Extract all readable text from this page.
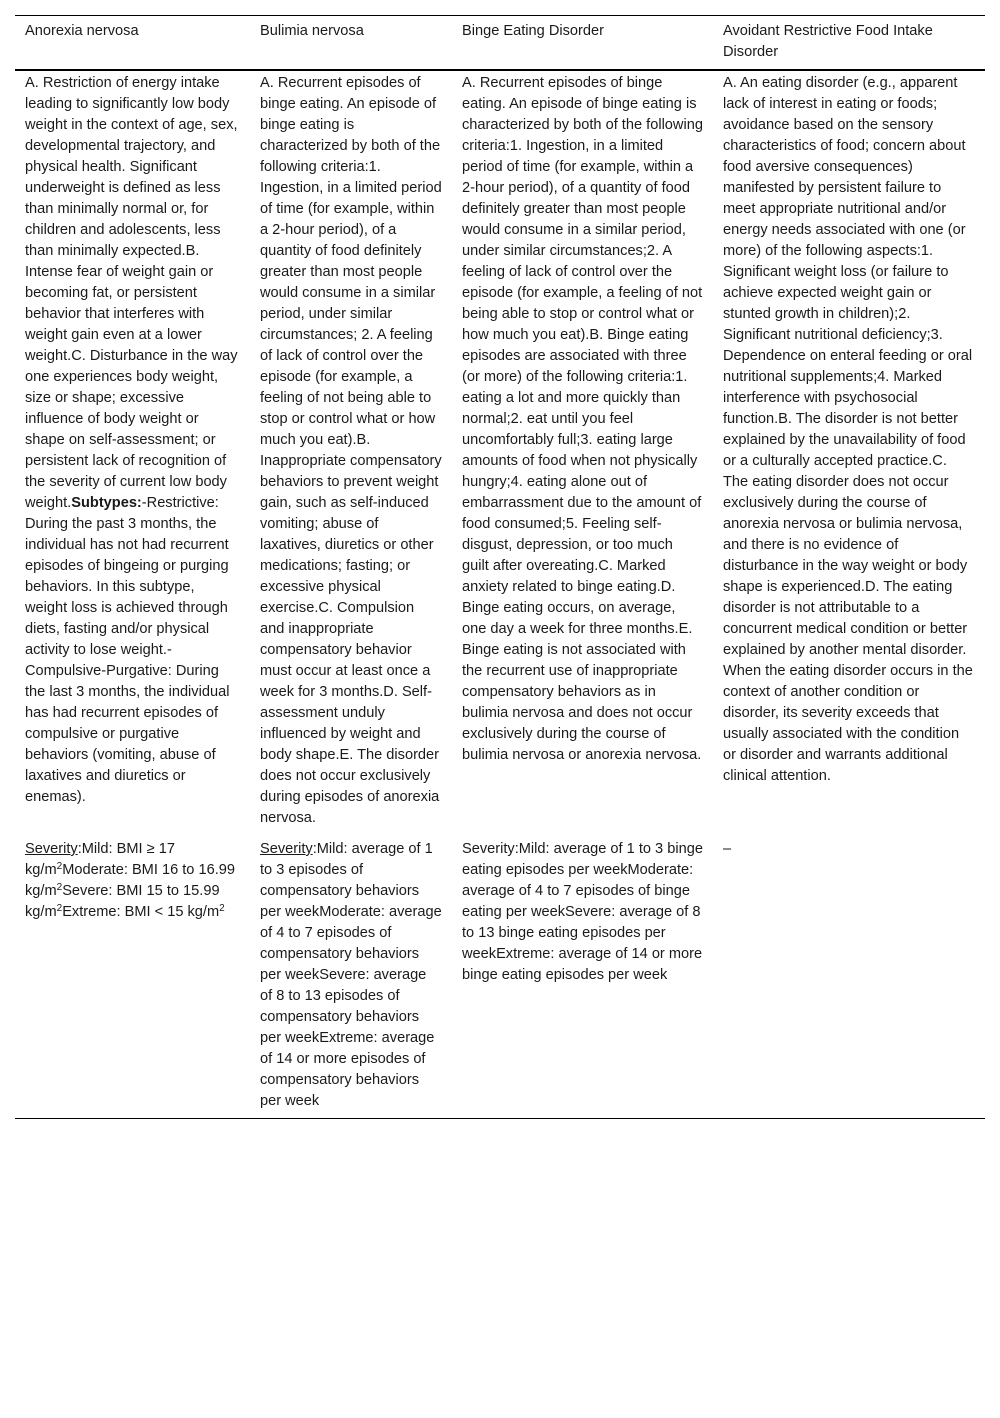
Anorexia nervosa	Bulimia nervosa	Binge Eating Disorder	Avoidant Restrictive Food Intake Disorder
A. Restriction of energy intake leading to significantly low body weight in the context of age, sex, developmental trajectory, and physical health. Significant underweight is defined as less than minimally normal or, for children and adolescents, less than minimally expected.B. Intense fear of weight gain or becoming fat, or persistent behavior that interferes with weight gain even at a lower weight.C. Disturbance in the way one experiences body weight, size or shape; excessive influence of body weight or shape on self-assessment; or persistent lack of recognition of the severity of current low body weight.Subtypes:-Restrictive: During the past 3 months, the individual has not had recurrent episodes of bingeing or purging behaviors. In this subtype, weight loss is achieved through diets, fasting and/or physical activity to lose weight.-Compulsive-Purgative: During the last 3 months, the individual has had recurrent episodes of compulsive or purgative behaviors (vomiting, abuse of laxatives and diuretics or enemas).	A. Recurrent episodes of binge eating. An episode of binge eating is characterized by both of the following criteria:1. Ingestion, in a limited period of time (for example, within a 2-hour period), of a quantity of food definitely greater than most people would consume in a similar period, under similar circumstances; 2. A feeling of lack of control over the episode (for example, a feeling of not being able to stop or control what or how much you eat).B. Inappropriate compensatory behaviors to prevent weight gain, such as self-induced vomiting; abuse of laxatives, diuretics or other medications; fasting; or excessive physical exercise.C. Compulsion and inappropriate compensatory behavior must occur at least once a week for 3 months.D. Self-assessment unduly influenced by weight and body shape.E. The disorder does not occur exclusively during episodes of anorexia nervosa.	A. Recurrent episodes of binge eating. An episode of binge eating is characterized by both of the following criteria:1. Ingestion, in a limited period of time (for example, within a 2-hour period), of a quantity of food definitely greater than most people would consume in a similar period, under similar circumstances;2. A feeling of lack of control over the episode (for example, a feeling of not being able to stop or control what or how much you eat).B. Binge eating episodes are associated with three (or more) of the following criteria:1. eating a lot and more quickly than normal;2. eat until you feel uncomfortably full;3. eating large amounts of food when not physically hungry;4. eating alone out of embarrassment due to the amount of food consumed;5. Feeling self-disgust, depression, or too much guilt after overeating.C. Marked anxiety related to binge eating.D. Binge eating occurs, on average, one day a week for three months.E. Binge eating is not associated with the recurrent use of inappropriate compensatory behaviors as in bulimia nervosa and does not occur exclusively during the course of bulimia nervosa or anorexia nervosa.	A. An eating disorder (e.g., apparent lack of interest in eating or foods; avoidance based on the sensory characteristics of food; concern about food aversive consequences) manifested by persistent failure to meet appropriate nutritional and/or energy needs associated with one (or more) of the following aspects:1. Significant weight loss (or failure to achieve expected weight gain or stunted growth in children);2. Significant nutritional deficiency;3. Dependence on enteral feeding or oral nutritional supplements;4. Marked interference with psychosocial function.B. The disorder is not better explained by the unavailability of food or a culturally accepted practice.C. The eating disorder does not occur exclusively during the course of anorexia nervosa or bulimia nervosa, and there is no evidence of disturbance in the way weight or body shape is experienced.D. The eating disorder is not attributable to a concurrent medical condition or better explained by another mental disorder. When the eating disorder occurs in the context of another condition or disorder, its severity exceeds that usually associated with the condition or disorder and warrants additional clinical attention.
Severity:Mild: BMI ≥ 17 $kg/m^2Moderate$: BMI 16 to 16.99 $kg/m^2Severe$: BMI 15 to 15.99 $kg/m^2Extreme$: BMI < 15 $kg/m^2$	Severity:Mild: average of 1 to 3 episodes of compensatory behaviors per weekModerate: average of 4 to 7 episodes of compensatory behaviors per weekSevere: average of 8 to 13 episodes of compensatory behaviors per weekExtreme: average of 14 or more episodes of compensatory behaviors per week	Severity:Mild: average of 1 to 3 binge eating episodes per weekModerate: average of 4 to 7 episodes of binge eating per weekSevere: average of 8 to 13 binge eating episodes per weekExtreme: average of 14 or more binge eating episodes per week	–
